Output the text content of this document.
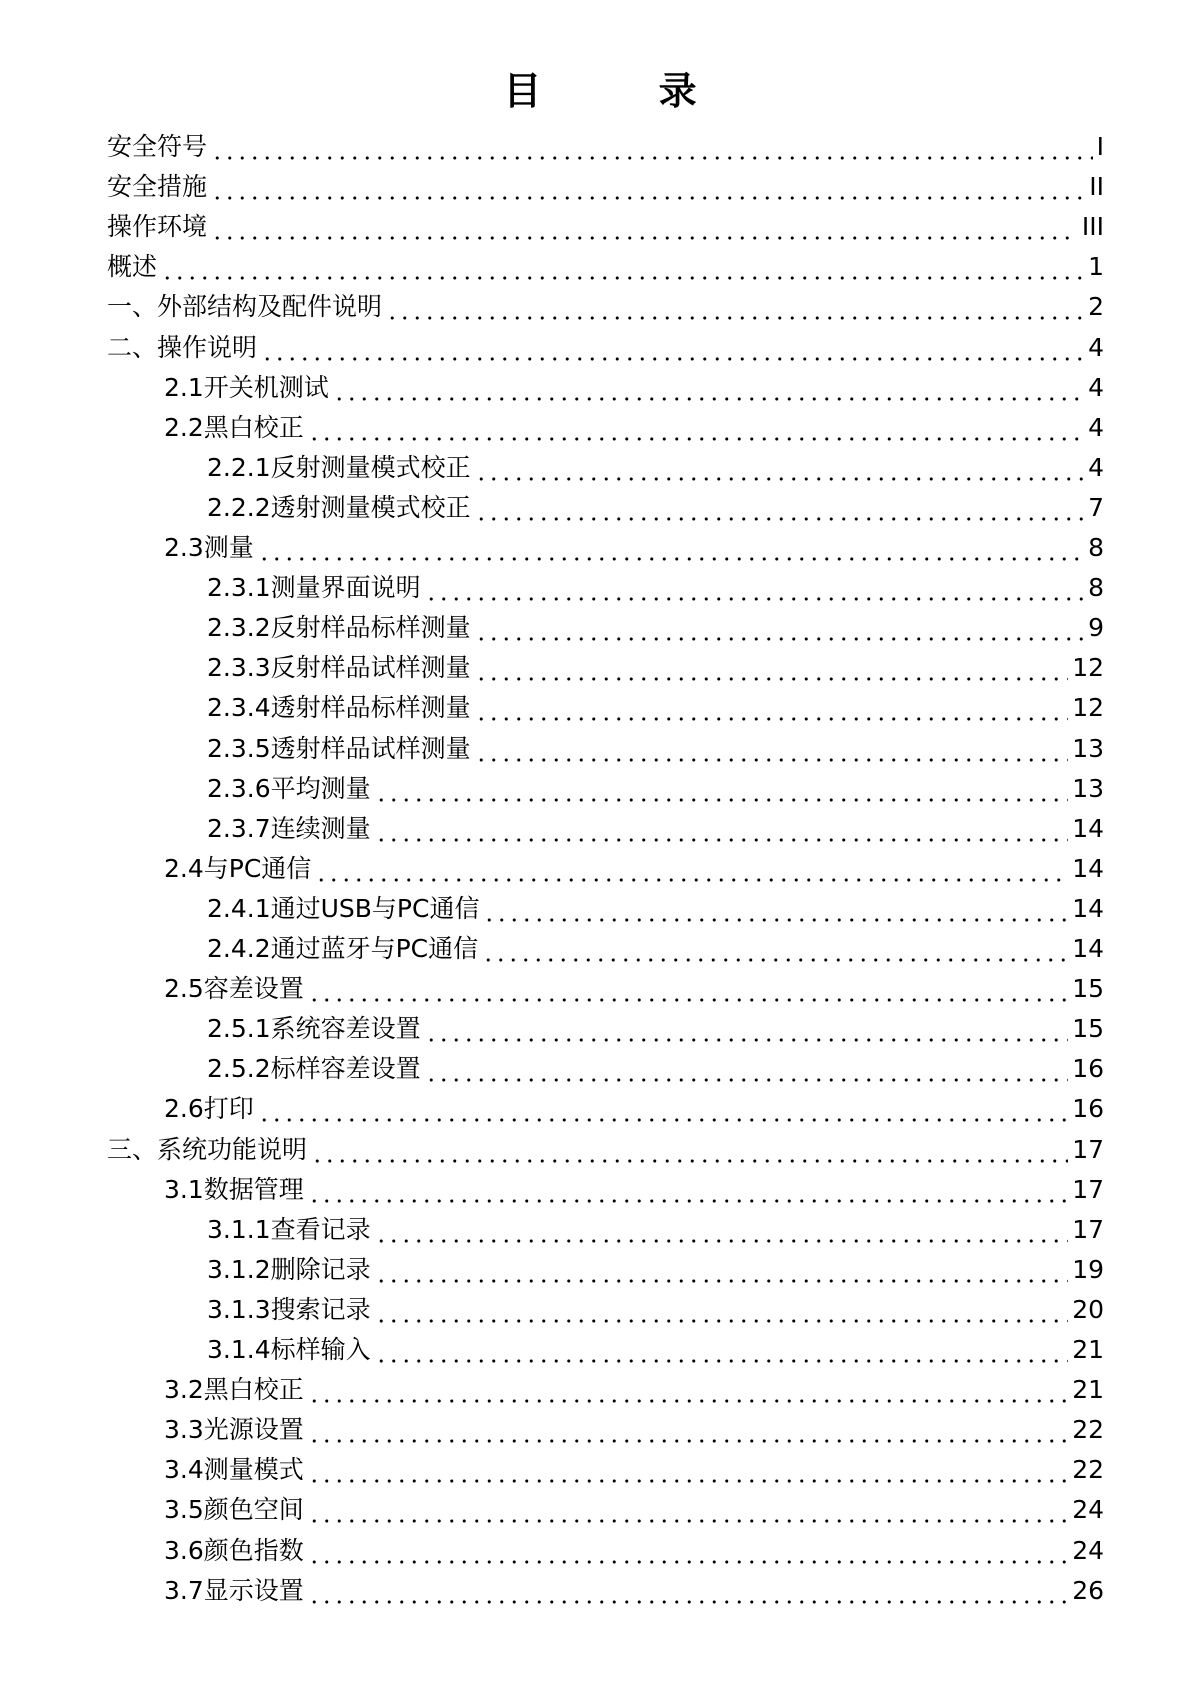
目 录
安全符号	I
安全措施	II
操作环境	III
概述	1
一、外部结构及配件说明	2
二、操作说明	4
2.1开关机测试	4
2.2黑白校正	4
2.2.1反射测量模式校正	4
2.2.2透射测量模式校正	7
2.3测量	8
2.3.1测量界面说明	8
2.3.2反射样品标样测量	9
2.3.3反射样品试样测量	12
2.3.4透射样品标样测量	12
2.3.5透射样品试样测量	13
2.3.6平均测量	13
2.3.7连续测量	14
2.4与PC通信	14
2.4.1通过USB与PC通信	14
2.4.2通过蓝牙与PC通信	14
2.5容差设置	15
2.5.1系统容差设置	15
2.5.2标样容差设置	16
2.6打印	16
三、系统功能说明	17
3.1数据管理	17
3.1.1查看记录	17
3.1.2删除记录	19
3.1.3搜索记录	20
3.1.4标样输入	21
3.2黑白校正	21
3.3光源设置	22
3.4测量模式	22
3.5颜色空间	24
3.6颜色指数	24
3.7显示设置	26
